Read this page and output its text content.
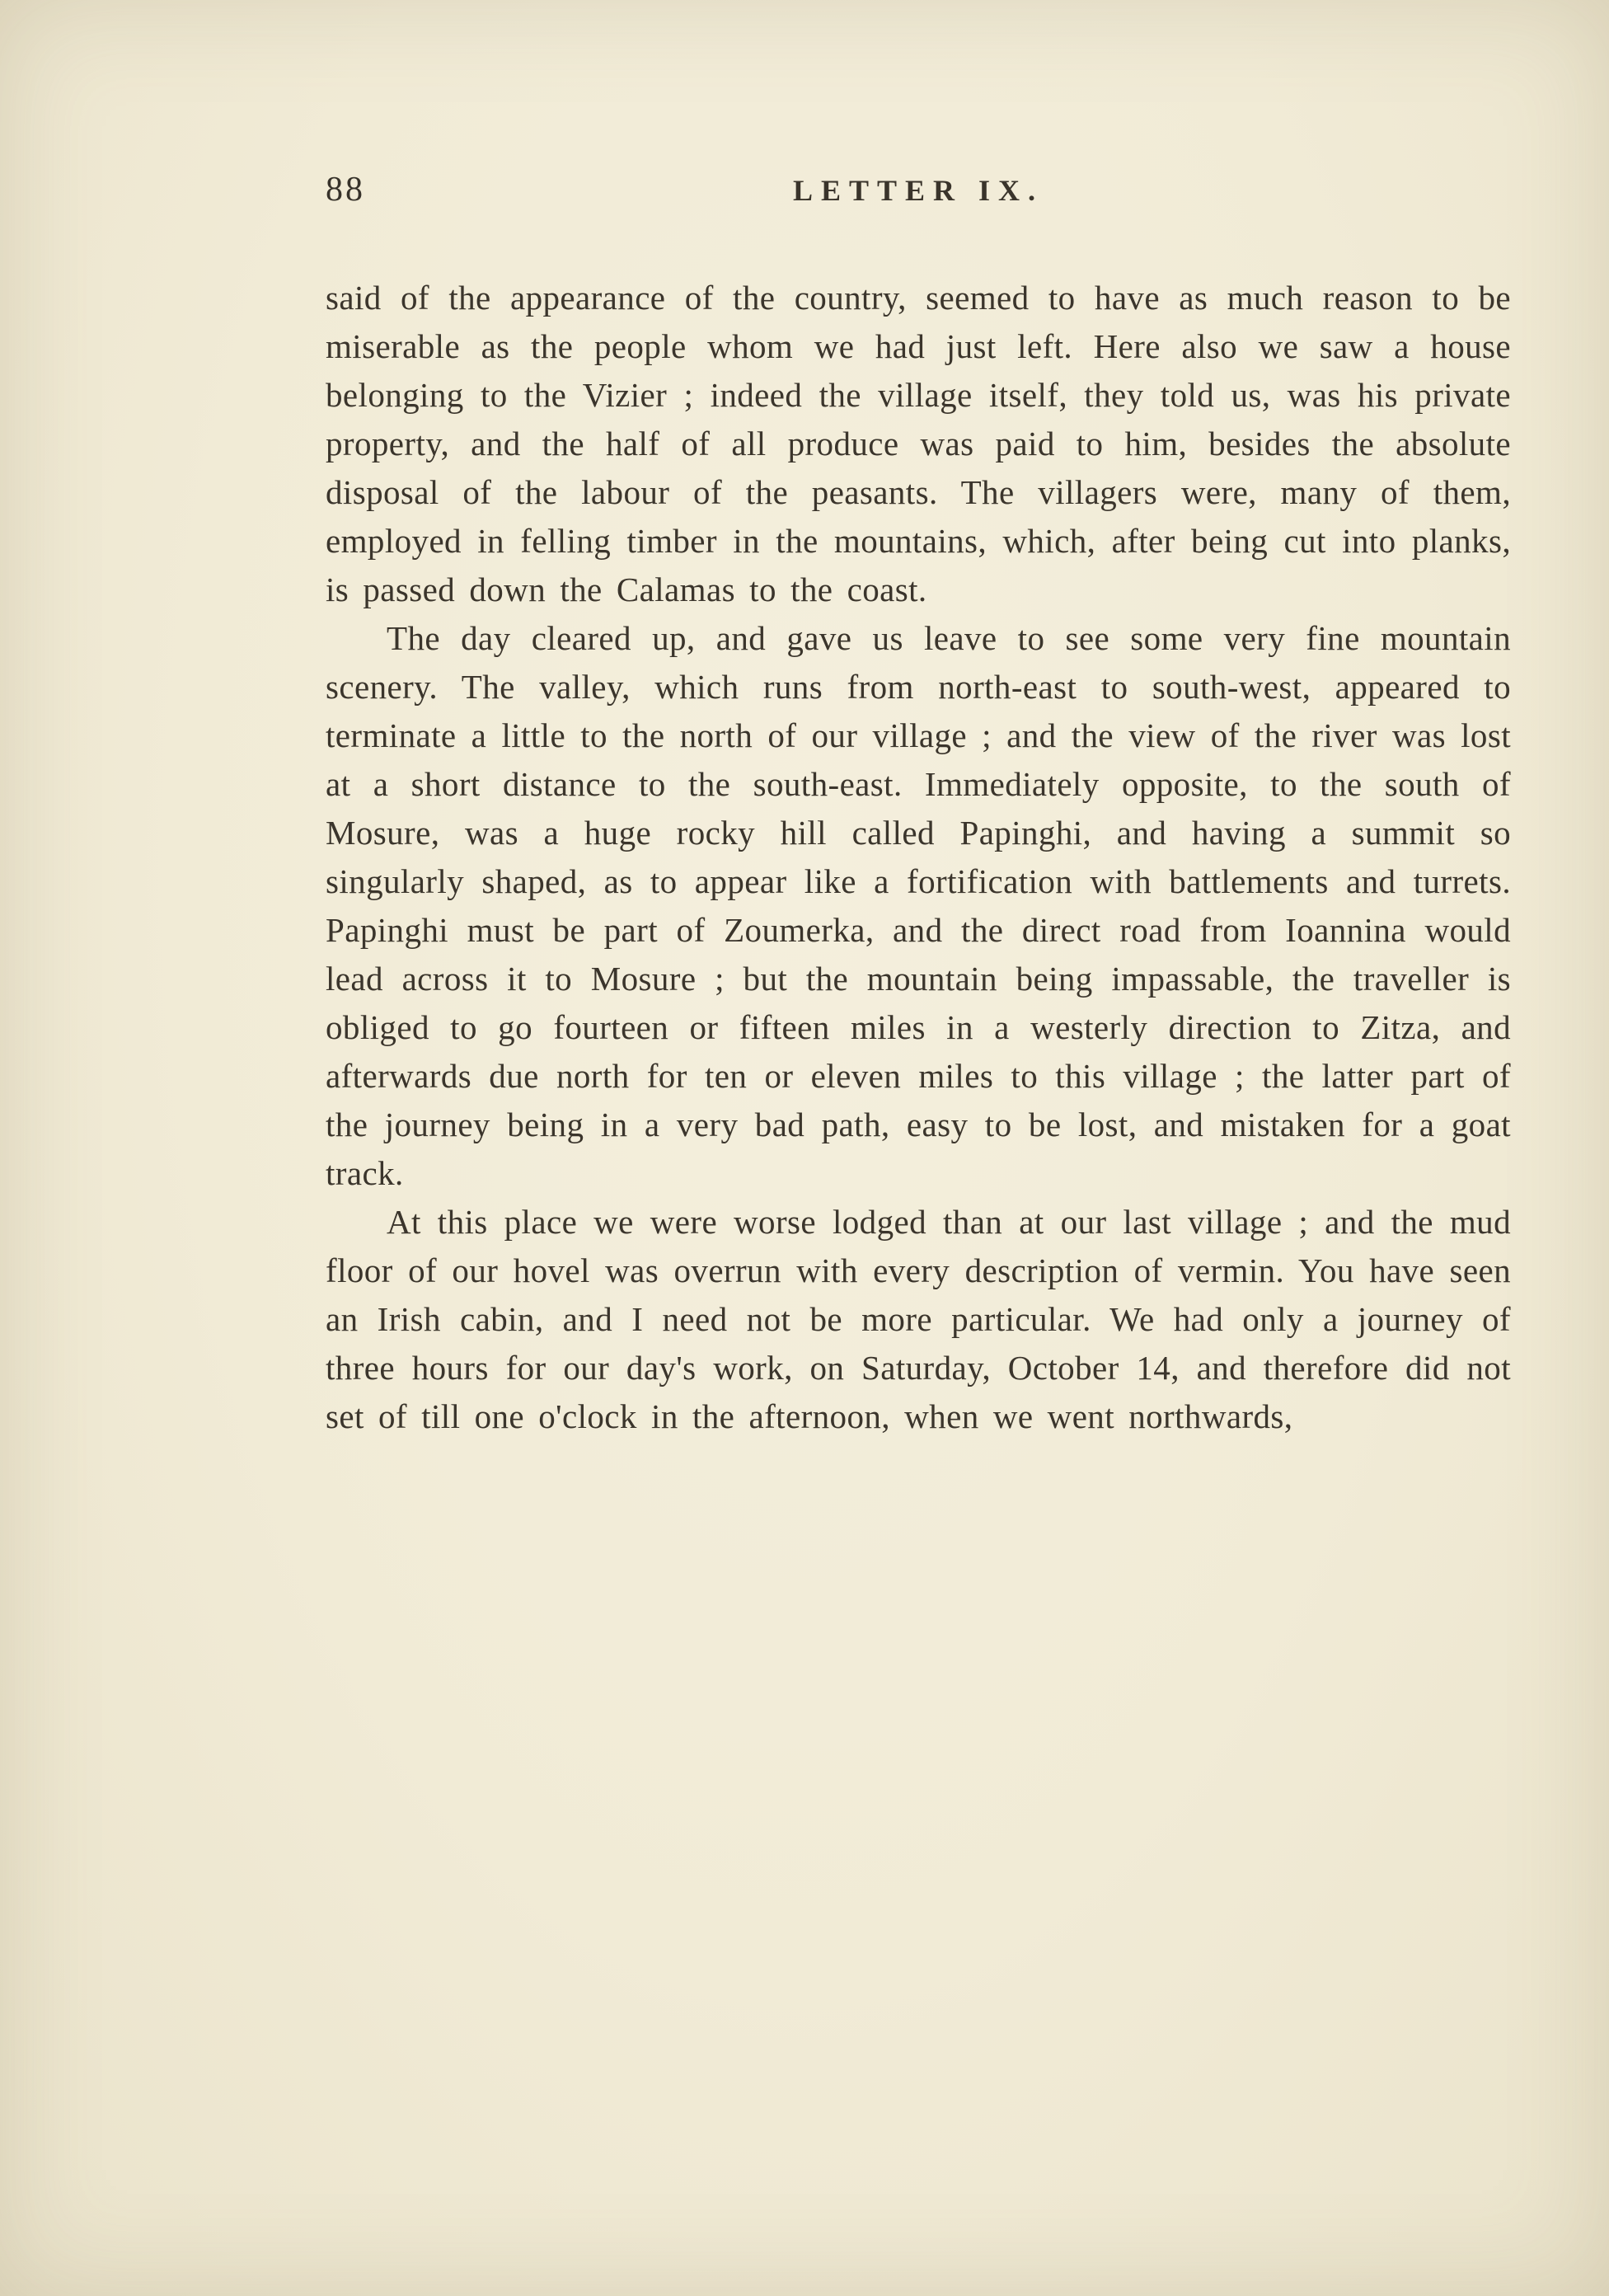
88	LETTER IX.

said of the appearance of the country, seemed to have as much reason to be miserable as the people whom we had just left. Here also we saw a house belonging to the Vizier ; indeed the village itself, they told us, was his private property, and the half of all produce was paid to him, besides the absolute disposal of the labour of the peasants. The villagers were, many of them, employed in felling timber in the mountains, which, after being cut into planks, is passed down the Calamas to the coast.

The day cleared up, and gave us leave to see some very fine mountain scenery. The valley, which runs from north-east to south-west, appeared to terminate a little to the north of our village ; and the view of the river was lost at a short distance to the south-east. Immediately opposite, to the south of Mosure, was a huge rocky hill called Papinghi, and having a summit so singularly shaped, as to appear like a fortification with battlements and turrets. Papinghi must be part of Zoumerka, and the direct road from Ioannina would lead across it to Mosure ; but the mountain being impassable, the traveller is obliged to go fourteen or fifteen miles in a westerly direction to Zitza, and afterwards due north for ten or eleven miles to this village ; the latter part of the journey being in a very bad path, easy to be lost, and mistaken for a goat track.

At this place we were worse lodged than at our last village ; and the mud floor of our hovel was overrun with every description of vermin. You have seen an Irish cabin, and I need not be more particular. We had only a journey of three hours for our day's work, on Saturday, October 14, and therefore did not set of till one o'clock in the afternoon, when we went northwards,
